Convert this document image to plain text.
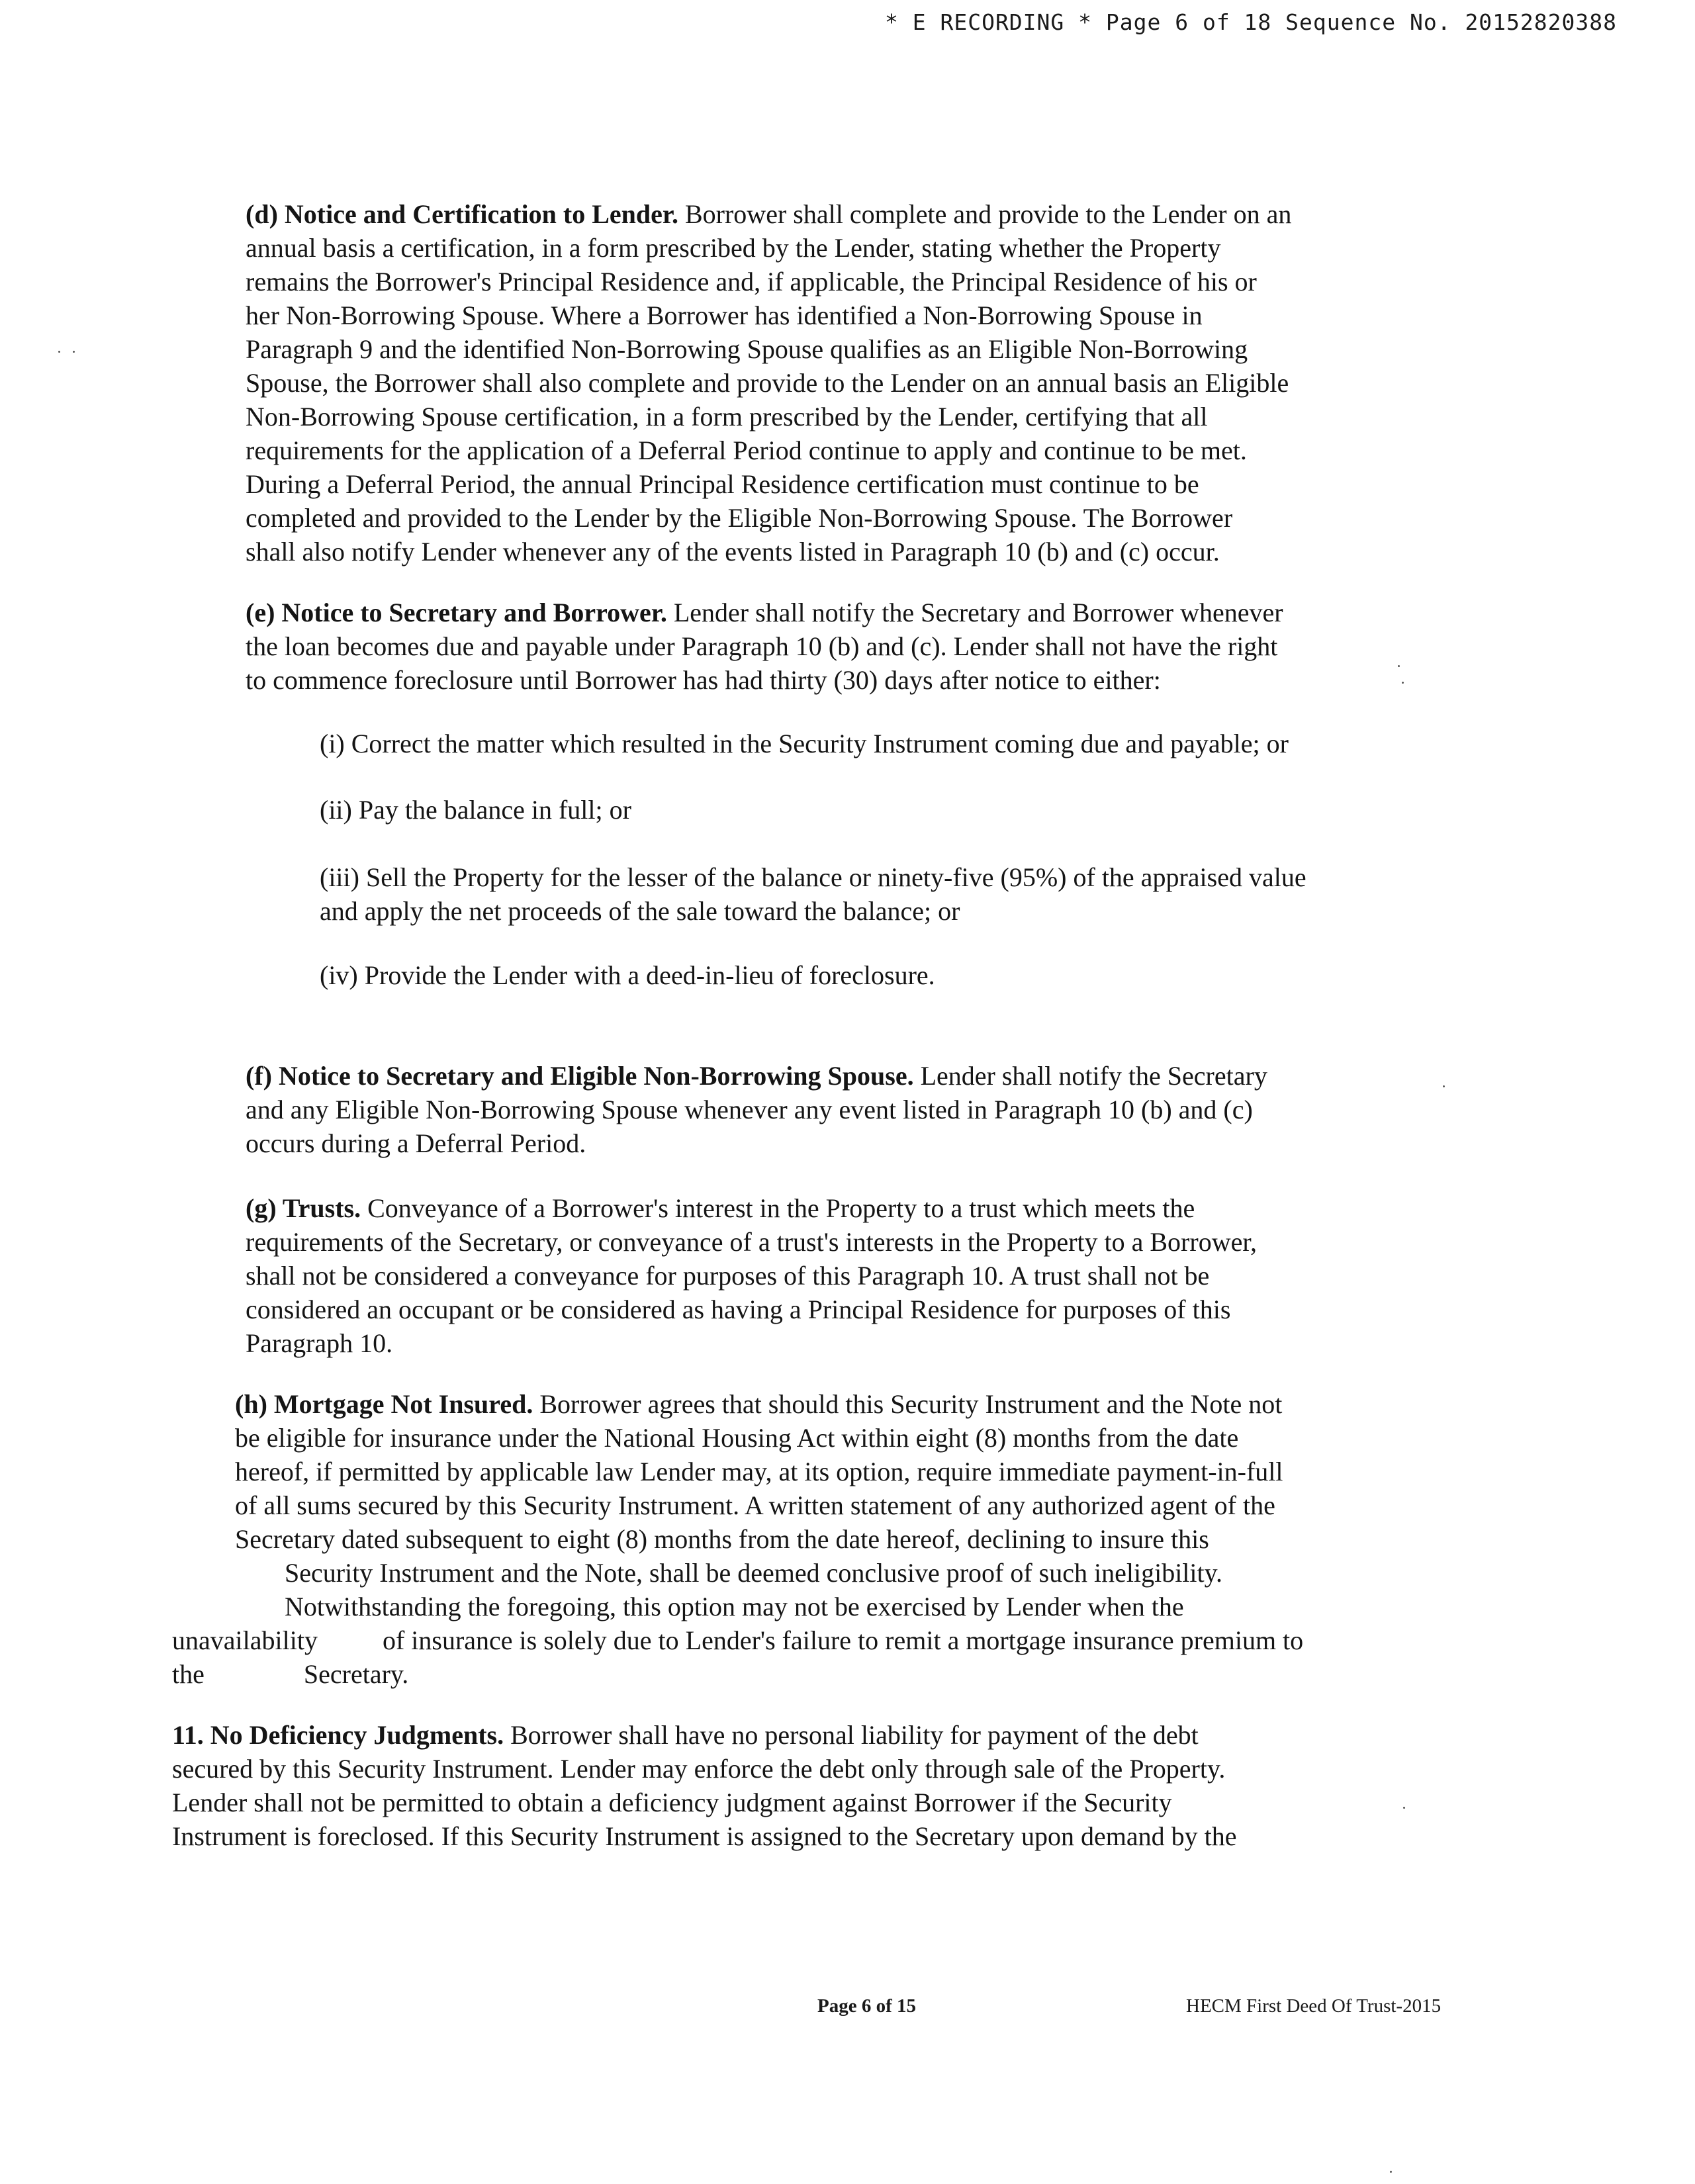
* E RECORDING * Page 6 of 18 Sequence No. 20152820388
(d) Notice and Certification to Lender. Borrower shall complete and provide to the Lender on an
annual basis a certification, in a form prescribed by the Lender, stating whether the Property
remains the Borrower's Principal Residence and, if applicable, the Principal Residence of his or
her Non-Borrowing Spouse. Where a Borrower has identified a Non-Borrowing Spouse in
Paragraph 9 and the identified Non-Borrowing Spouse qualifies as an Eligible Non-Borrowing
Spouse, the Borrower shall also complete and provide to the Lender on an annual basis an Eligible
Non-Borrowing Spouse certification, in a form prescribed by the Lender, certifying that all
requirements for the application of a Deferral Period continue to apply and continue to be met.
During a Deferral Period, the annual Principal Residence certification must continue to be
completed and provided to the Lender by the Eligible Non-Borrowing Spouse. The Borrower
shall also notify Lender whenever any of the events listed in Paragraph 10 (b) and (c) occur.
(e) Notice to Secretary and Borrower. Lender shall notify the Secretary and Borrower whenever
the loan becomes due and payable under Paragraph 10 (b) and (c). Lender shall not have the right
to commence foreclosure until Borrower has had thirty (30) days after notice to either:
(i) Correct the matter which resulted in the Security Instrument coming due and payable; or
(ii) Pay the balance in full; or
(iii) Sell the Property for the lesser of the balance or ninety-five (95%) of the appraised value
and apply the net proceeds of the sale toward the balance; or
(iv) Provide the Lender with a deed-in-lieu of foreclosure.
(f) Notice to Secretary and Eligible Non-Borrowing Spouse. Lender shall notify the Secretary
and any Eligible Non-Borrowing Spouse whenever any event listed in Paragraph 10 (b) and (c)
occurs during a Deferral Period.
(g) Trusts. Conveyance of a Borrower's interest in the Property to a trust which meets the
requirements of the Secretary, or conveyance of a trust's interests in the Property to a Borrower,
shall not be considered a conveyance for purposes of this Paragraph 10. A trust shall not be
considered an occupant or be considered as having a Principal Residence for purposes of this
Paragraph 10.
(h) Mortgage Not Insured. Borrower agrees that should this Security Instrument and the Note not
be eligible for insurance under the National Housing Act within eight (8) months from the date
hereof, if permitted by applicable law Lender may, at its option, require immediate payment-in-full
of all sums secured by this Security Instrument. A written statement of any authorized agent of the
Secretary dated subsequent to eight (8) months from the date hereof, declining to insure this
Security Instrument and the Note, shall be deemed conclusive proof of such ineligibility.
Notwithstanding the foregoing, this option may not be exercised by Lender when the
unavailability of insurance is solely due to Lender's failure to remit a mortgage insurance premium to
the	Secretary.
11. No Deficiency Judgments. Borrower shall have no personal liability for payment of the debt
secured by this Security Instrument. Lender may enforce the debt only through sale of the Property.
Lender shall not be permitted to obtain a deficiency judgment against Borrower if the Security
Instrument is foreclosed. If this Security Instrument is assigned to the Secretary upon demand by the
Page 6 of 15	HECM First Deed Of Trust-2015
